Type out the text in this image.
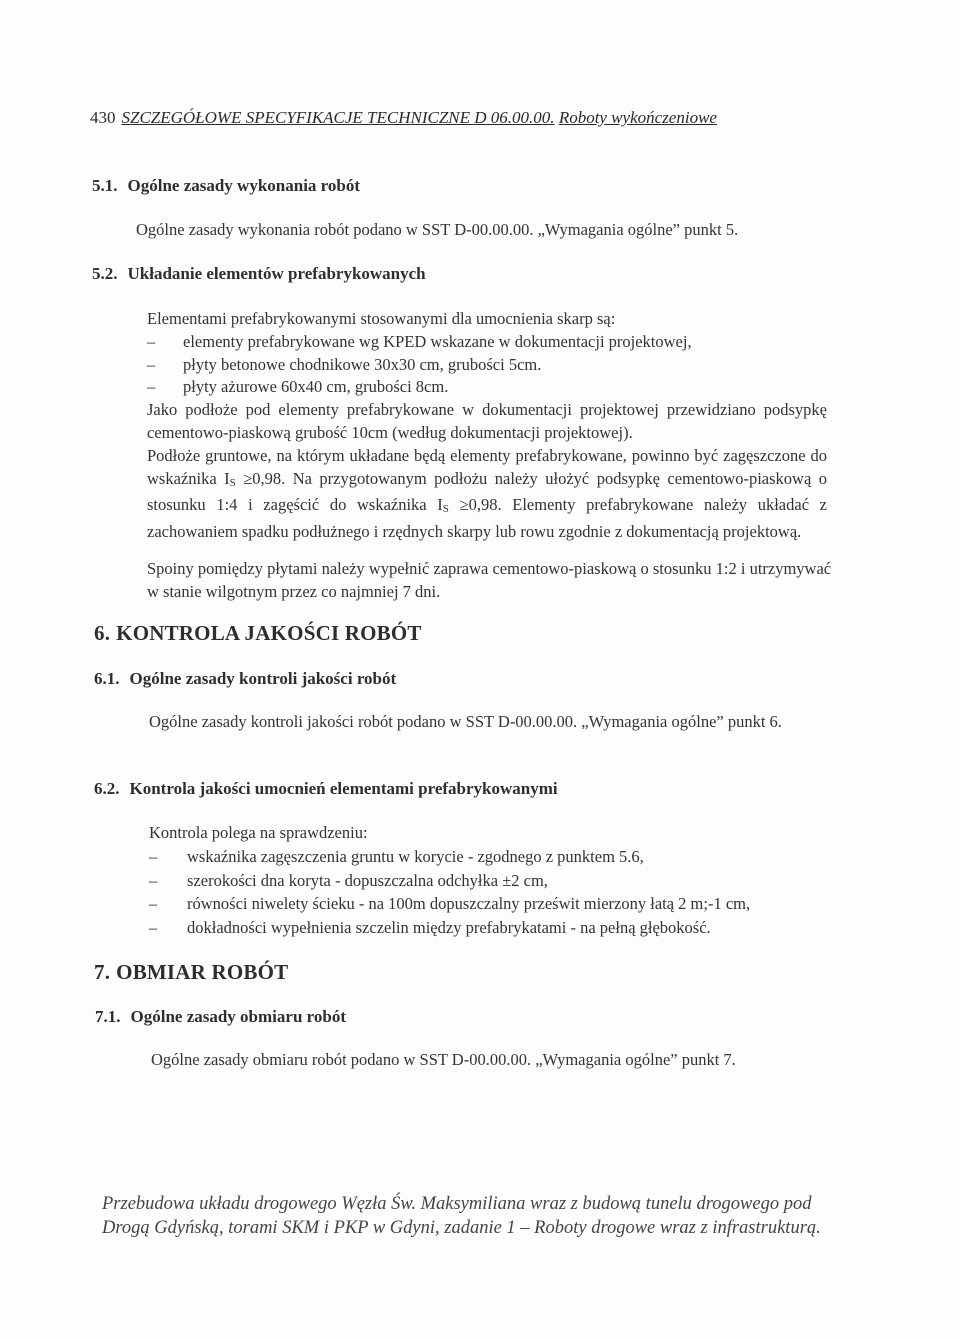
430 SZCZEGÓŁOWE SPECYFIKACJE TECHNICZNE D 06.00.00. Roboty wykończeniowe
5.1. Ogólne zasady wykonania robót
Ogólne zasady wykonania robót podano w SST D-00.00.00. „Wymagania ogólne” punkt 5.
5.2. Układanie elementów prefabrykowanych
Elementami prefabrykowanymi stosowanymi dla umocnienia skarp są:
– elementy prefabrykowane wg KPED wskazane w dokumentacji projektowej,
– płyty betonowe chodnikowe 30x30 cm, grubości 5cm.
– płyty ażurowe 60x40 cm, grubości 8cm.
Jako podłoże pod elementy prefabrykowane w dokumentacji projektowej przewidziano podsypkę cementowo-piaskową grubość 10cm (według dokumentacji projektowej).
Podłoże gruntowe, na którym układane będą elementy prefabrykowane, powinno być zagęszczone do wskaźnika $I_S \ge 0,98$. Na przygotowanym podłożu należy ułożyć podsypkę cementowo-piaskową o stosunku 1:4 i zagęścić do wskaźnika $I_S \ge 0,98$. Elementy prefabrykowane należy układać z zachowaniem spadku podłużnego i rzędnych skarpy lub rowu zgodnie z dokumentacją projektową.
Spoiny pomiędzy płytami należy wypełnić zaprawa cementowo-piaskową o stosunku 1:2 i utrzymywać w stanie wilgotnym przez co najmniej 7 dni.
6. KONTROLA JAKOŚCI ROBÓT
6.1. Ogólne zasady kontroli jakości robót
Ogólne zasady kontroli jakości robót podano w SST D-00.00.00. „Wymagania ogólne” punkt 6.
6.2. Kontrola jakości umocnień elementami prefabrykowanymi
Kontrola polega na sprawdzeniu:
– wskaźnika zagęszczenia gruntu w korycie - zgodnego z punktem 5.6,
– szerokości dna koryta - dopuszczalna odchyłka ±2 cm,
– równości niwelety ścieku - na 100m dopuszczalny prześwit mierzony łatą 2 m;-1 cm,
– dokładności wypełnienia szczelin między prefabrykatami - na pełną głębokość.
7. OBMIAR ROBÓT
7.1. Ogólne zasady obmiaru robót
Ogólne zasady obmiaru robót podano w SST D-00.00.00. „Wymagania ogólne” punkt 7.
Przebudowa układu drogowego Węzła Św. Maksymiliana wraz z budową tunelu drogowego pod Drogą Gdyńską, torami SKM i PKP w Gdyni, zadanie 1 – Roboty drogowe wraz z infrastrukturą.
